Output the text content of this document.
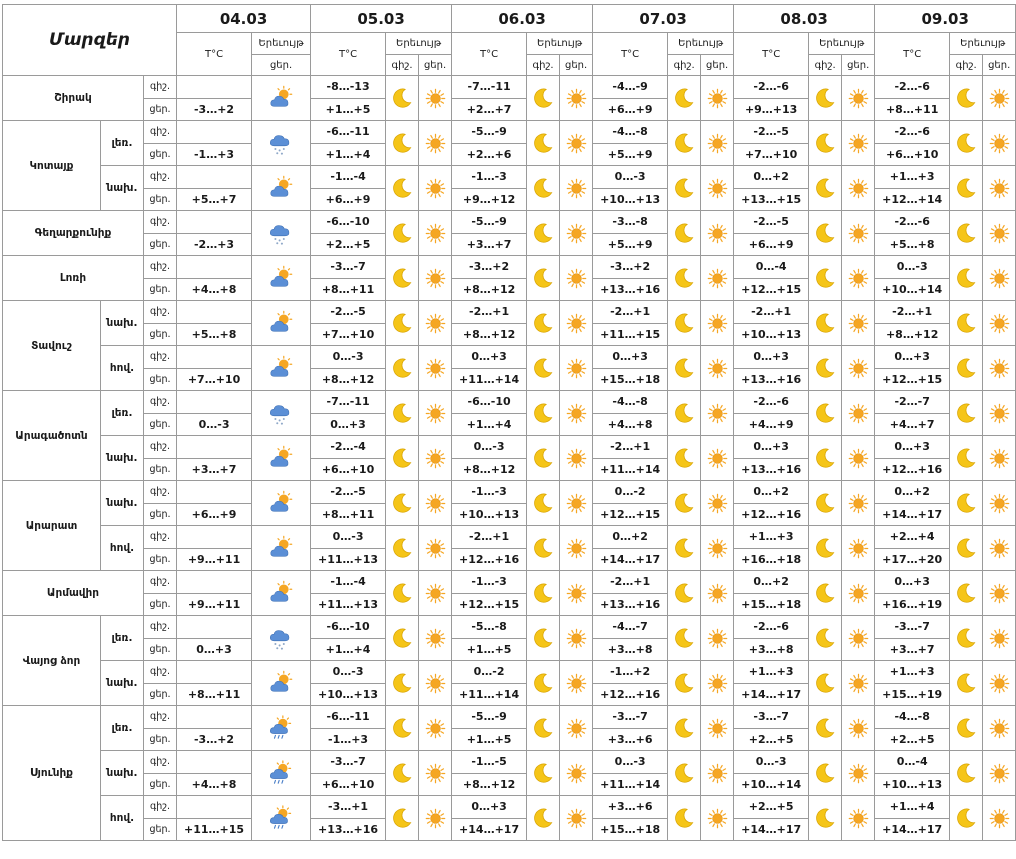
Մարզեր			04.03		05.03			06.03			07.03			08.03			09.03		
			T°C	Երեւույթ	T°C	Երեւույթ		T°C	Երեւույթ		T°C	Երեւույթ		T°C	Երեւույթ		T°C	Երեւույթ	
				ցեր.		գիշ.	ցեր.		գիշ.	ցեր.		գիշ.	ցեր.		գիշ.	ցեր.		գիշ.	ցեր.
Շիրակ		գիշ.			-8…-13			-7…-11			-4…-9			-2…-6			-2…-6		
		ցեր.	-3…+2		+1…+5			+2…+7			+6…+9			+9…+13			+8…+11		
Կոտայք	լեռ.	գիշ.			-6…-11			-5…-9			-4…-8			-2…-5			-2…-6		
		ցեր.	-1…+3		+1…+4			+2…+6			+5…+9			+7…+10			+6…+10		
	նախ.	գիշ.			-1…-4			-1…-3			0…-3			0…+2			+1…+3		
		ցեր.	+5…+7		+6…+9			+9…+12			+10…+13			+13…+15			+12…+14		
Գեղարքունիք		գիշ.			-6…-10			-5…-9			-3…-8			-2…-5			-2…-6		
		ցեր.	-2…+3		+2…+5			+3…+7			+5…+9			+6…+9			+5…+8		
Լոռի		գիշ.			-3…-7			-3…+2			-3…+2			0…-4			0…-3		
		ցեր.	+4…+8		+8…+11			+8…+12			+13…+16			+12…+15			+10…+14		
Տավուշ	նախ.	գիշ.			-2…-5			-2…+1			-2…+1			-2…+1			-2…+1		
		ցեր.	+5…+8		+7…+10			+8…+12			+11…+15			+10…+13			+8…+12		
	հով.	գիշ.			0…-3			0…+3			0…+3			0…+3			0…+3		
		ցեր.	+7…+10		+8…+12			+11…+14			+15…+18			+13…+16			+12…+15		
Արագածոտն	լեռ.	գիշ.			-7…-11			-6…-10			-4…-8			-2…-6			-2…-7		
		ցեր.	0…-3		0…+3			+1…+4			+4…+8			+4…+9			+4…+7		
	նախ.	գիշ.			-2…-4			0…-3			-2…+1			0…+3			0…+3		
		ցեր.	+3…+7		+6…+10			+8…+12			+11…+14			+13…+16			+12…+16		
Արարատ	նախ.	գիշ.			-2…-5			-1…-3			0…-2			0…+2			0…+2		
		ցեր.	+6…+9		+8…+11			+10…+13			+12…+15			+12…+16			+14…+17		
	հով.	գիշ.			0…-3			-2…+1			0…+2			+1…+3			+2…+4		
		ցեր.	+9…+11		+11…+13			+12…+16			+14…+17			+16…+18			+17…+20		
Արմավիր		գիշ.			-1…-4			-1…-3			-2…+1			0…+2			0…+3		
		ցեր.	+9…+11		+11…+13			+12…+15			+13…+16			+15…+18			+16…+19		
Վայոց ձոր	լեռ.	գիշ.			-6…-10			-5…-8			-4…-7			-2…-6			-3…-7		
		ցեր.	0…+3		+1…+4			+1…+5			+3…+8			+3…+8			+3…+7		
	նախ.	գիշ.			0…-3			0…-2			-1…+2			+1…+3			+1…+3		
		ցեր.	+8…+11		+10…+13			+11…+14			+12…+16			+14…+17			+15…+19		
Սյունիք	լեռ.	գիշ.			-6…-11			-5…-9			-3…-7			-3…-7			-4…-8		
		ցեր.	-3…+2		-1…+3			+1…+5			+3…+6			+2…+5			+2…+5		
	նախ.	գիշ.			-3…-7			-1…-5			0…-3			0…-3			0…-4		
		ցեր.	+4…+8		+6…+10			+8…+12			+11…+14			+10…+14			+10…+13		
	հով.	գիշ.			-3…+1			0…+3			+3…+6			+2…+5			+1…+4		
		ցեր.	+11…+15		+13…+16			+14…+17			+15…+18			+14…+17			+14…+17		
